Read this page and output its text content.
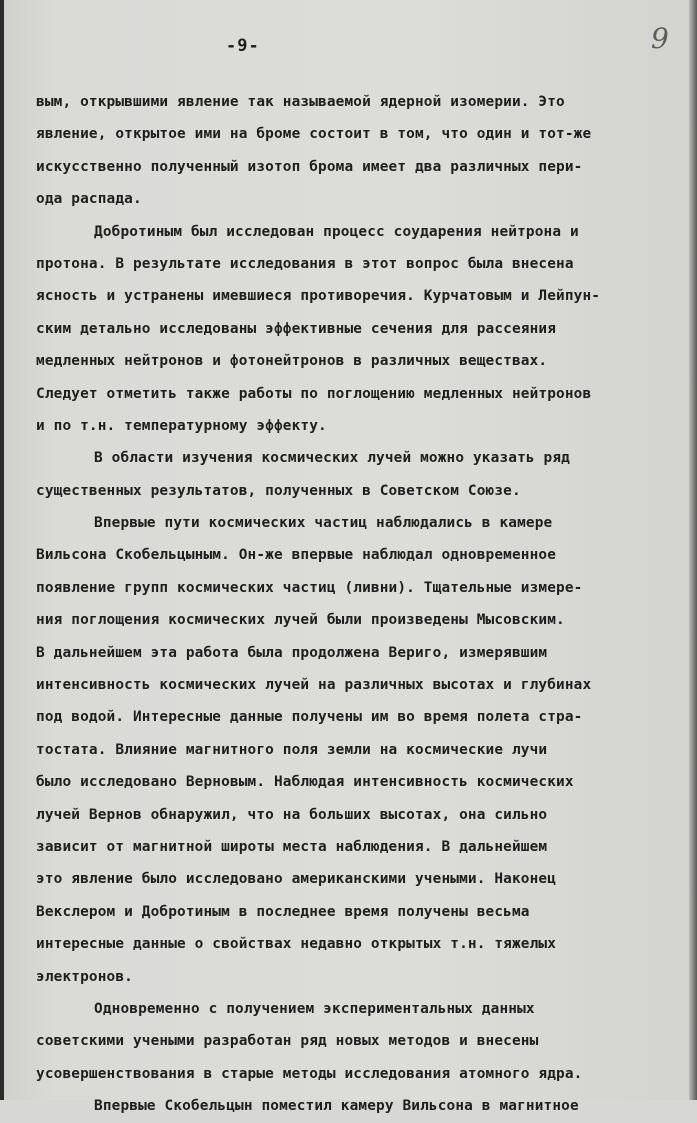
-9-	9
вым, открывшими явление так называемой ядерной изомерии. Это
явление, открытое ими на броме состоит в том, что один и тот-же
искусственно полученный изотоп брома имеет два различных пери-
ода распада.
Добротиным был исследован процесс соударения нейтрона и
протона. В результате исследования в этот вопрос была внесена
ясность и устранены имевшиеся противоречия. Курчатовым и Лейпун-
ским детально исследованы эффективные сечения для рассеяния
медленных нейтронов и фотонейтронов в различных веществах.
Следует отметить также работы по поглощению медленных нейтронов
и по т.н. температурному эффекту.
В области изучения космических лучей можно указать ряд
существенных результатов, полученных в Советском Союзе.
Впервые пути космических частиц наблюдались в камере
Вильсона Скобельцыным. Он-же впервые наблюдал одновременное
появление групп космических частиц (ливни). Тщательные измере-
ния поглощения космических лучей были произведены Мысовским.
В дальнейшем эта работа была продолжена Вериго, измерявшим
интенсивность космических лучей на различных высотах и глубинах
под водой. Интересные данные получены им во время полета стра-
тостата. Влияние магнитного поля земли на космические лучи
было исследовано Верновым. Наблюдая интенсивность космических
лучей Вернов обнаружил, что на больших высотах, она сильно
зависит от магнитной широты места наблюдения. В дальнейшем
это явление было исследовано американскими учеными. Наконец
Векслером и Добротиным в последнее время получены весьма
интересные данные о свойствах недавно открытых т.н. тяжелых
электронов.
Одновременно с получением экспериментальных данных
советскими учеными разработан ряд новых методов и внесены
усовершенствования в старые методы исследования атомного ядра.
Впервые Скобельцын поместил камеру Вильсона в магнитное
